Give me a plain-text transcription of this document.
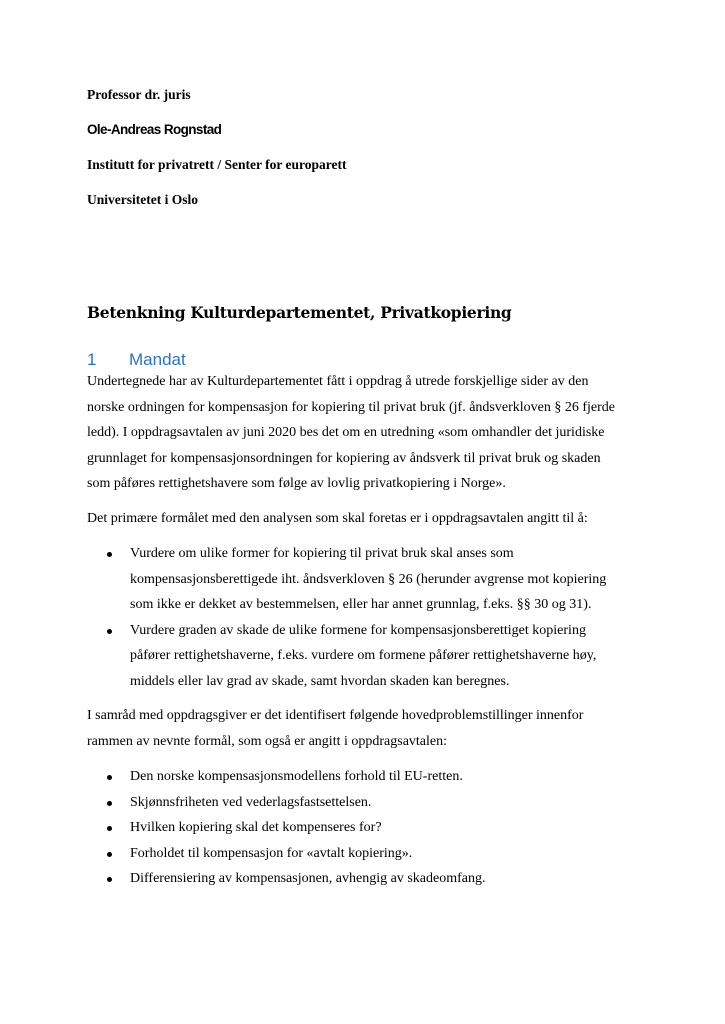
Professor dr. juris
Ole-Andreas Rognstad
Institutt for privatrett / Senter for europarett
Universitetet i Oslo
Betenkning Kulturdepartementet, Privatkopiering
1 Mandat
Undertegnede har av Kulturdepartementet fått i oppdrag å utrede forskjellige sider av den
norske ordningen for kompensasjon for kopiering til privat bruk (jf. åndsverkloven § 26 fjerde
ledd). I oppdragsavtalen av juni 2020 bes det om en utredning «som omhandler det juridiske
grunnlaget for kompensasjonsordningen for kopiering av åndsverk til privat bruk og skaden
som påføres rettighetshavere som følge av lovlig privatkopiering i Norge».
Det primære formålet med den analysen som skal foretas er i oppdragsavtalen angitt til å:
Vurdere om ulike former for kopiering til privat bruk skal anses som
kompensasjonsberettigede iht. åndsverkloven § 26 (herunder avgrense mot kopiering
som ikke er dekket av bestemmelsen, eller har annet grunnlag, f.eks. §§ 30 og 31).
Vurdere graden av skade de ulike formene for kompensasjonsberettiget kopiering
påfører rettighetshaverne, f.eks. vurdere om formene påfører rettighetshaverne høy,
middels eller lav grad av skade, samt hvordan skaden kan beregnes.
I samråd med oppdragsgiver er det identifisert følgende hovedproblemstillinger innenfor
rammen av nevnte formål, som også er angitt i oppdragsavtalen:
Den norske kompensasjonsmodellens forhold til EU-retten.
Skjønnsfriheten ved vederlagsfastsettelsen.
Hvilken kopiering skal det kompenseres for?
Forholdet til kompensasjon for «avtalt kopiering».
Differensiering av kompensasjonen, avhengig av skadeomfang.
